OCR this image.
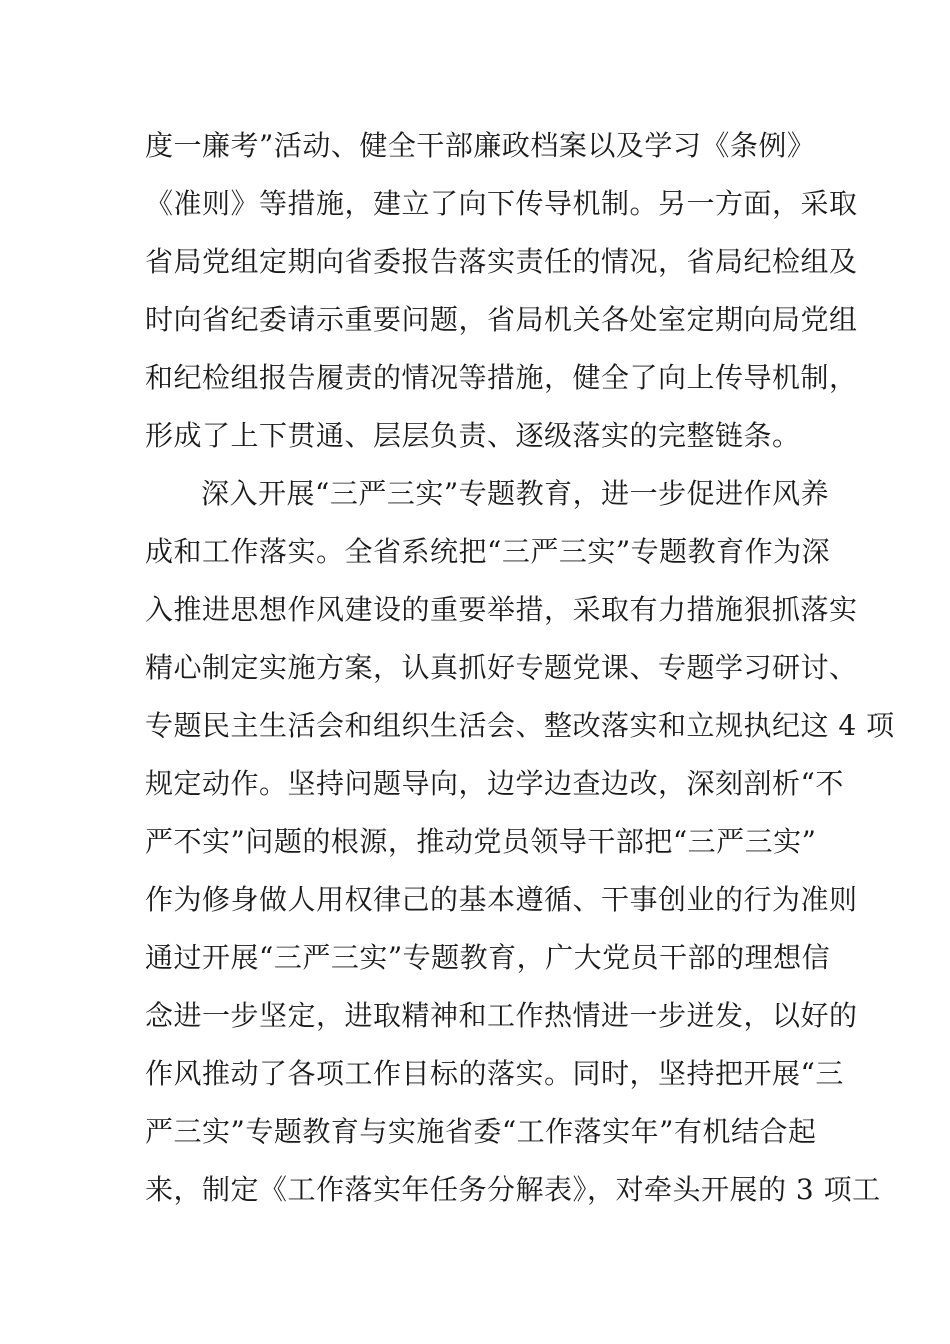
度一廉考”活动、健全干部廉政档案以及学习《条例》
《准则》等措施，建立了向下传导机制。另一方面，采取
省局党组定期向省委报告落实责任的情况，省局纪检组及
时向省纪委请示重要问题，省局机关各处室定期向局党组
和纪检组报告履责的情况等措施，健全了向上传导机制，
形成了上下贯通、层层负责、逐级落实的完整链条。
深入开展“三严三实”专题教育，进一步促进作风养
成和工作落实。全省系统把“三严三实”专题教育作为深
入推进思想作风建设的重要举措，采取有力措施狠抓落实
精心制定实施方案，认真抓好专题党课、专题学习研讨、
专题民主生活会和组织生活会、整改落实和立规执纪这 4 项
规定动作。坚持问题导向，边学边查边改，深刻剖析“不
严不实”问题的根源，推动党员领导干部把“三严三实”
作为修身做人用权律己的基本遵循、干事创业的行为准则
通过开展“三严三实”专题教育，广大党员干部的理想信
念进一步坚定，进取精神和工作热情进一步迸发，以好的
作风推动了各项工作目标的落实。同时，坚持把开展“三
严三实”专题教育与实施省委“工作落实年”有机结合起
来，制定《工作落实年任务分解表》，对牵头开展的 3 项工
